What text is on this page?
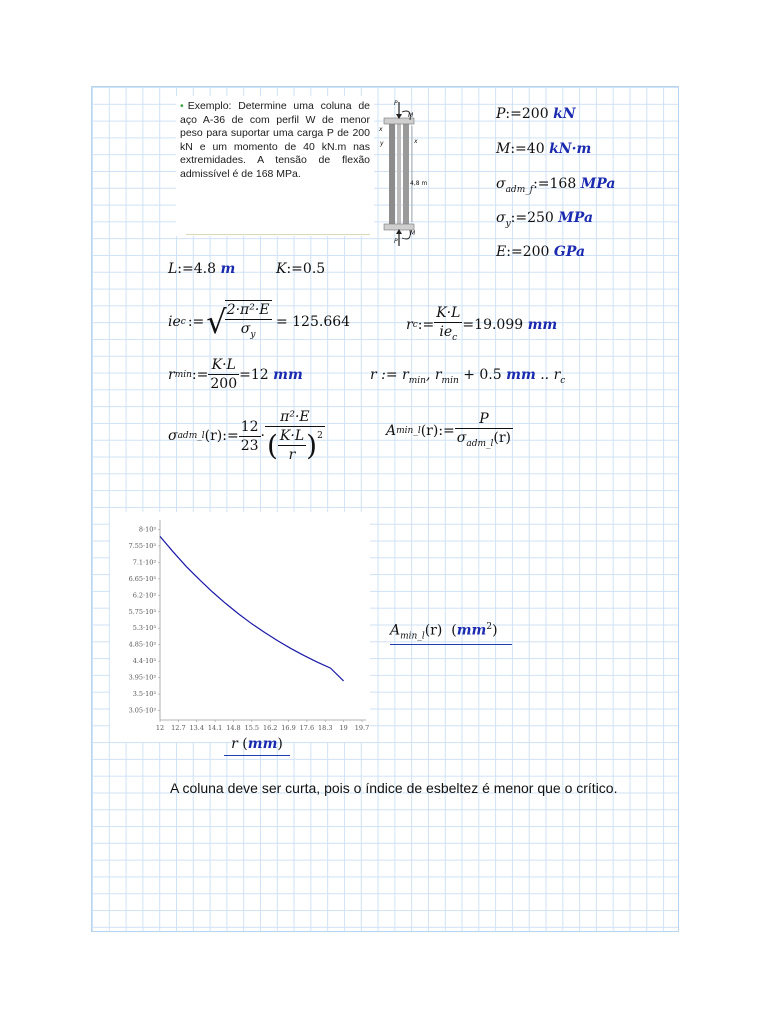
• Exemplo: Determine uma coluna de aço A-36 de com perfil W de menor peso para suportar uma carga P de 200 kN e um momento de 40 kN.m nas extremidades. A tensão de flexão admissível é de 168 MPa.
P
M
x
x
y
4,8 m
M
P
P:=200 kN
M:=40 kN·m
$\sigma_{adm\_f}:=168$ MPa
$\sigma_y:=250$ MPa
E:=200 GPa
L:=4.8 m	K:=0.5
ie c := √
$\frac{\text{2·π²·E}}{\sigma_y} = 125.664$	r c := $\frac{K\cdot L}{ie_c} = 19.099$
mm
r min := $\frac{K\cdot L}{200} = 12$
mm	r := $r_{min}$, $r_{min} + 0.5$ mm .. $r_c$
σ adm_l (r) := $\frac{12}{23} \cdot \frac{\text{π²·E}}{( \frac{K\cdot L}{r} )^2}$	A min_l (r) := $\frac{P}{\sigma_{adm\_l}(r)}$
8·10³
7.55·10³
7.1·10³
6.65·10³
6.2·10³
5.75·10³
5.3·10³
4.85·10³
4.4·10³
3.95·10³
3.5·10³
3.05·10³
12 12.7 13.4 14.1 14.8 15.5 16.2 16.9 17.6 18.3 19 19.7
$A_{min\_l}(r)$  $(mm^2)$
r (mm)
A coluna deve ser curta, pois o índice de esbeltez é menor que o crítico.
